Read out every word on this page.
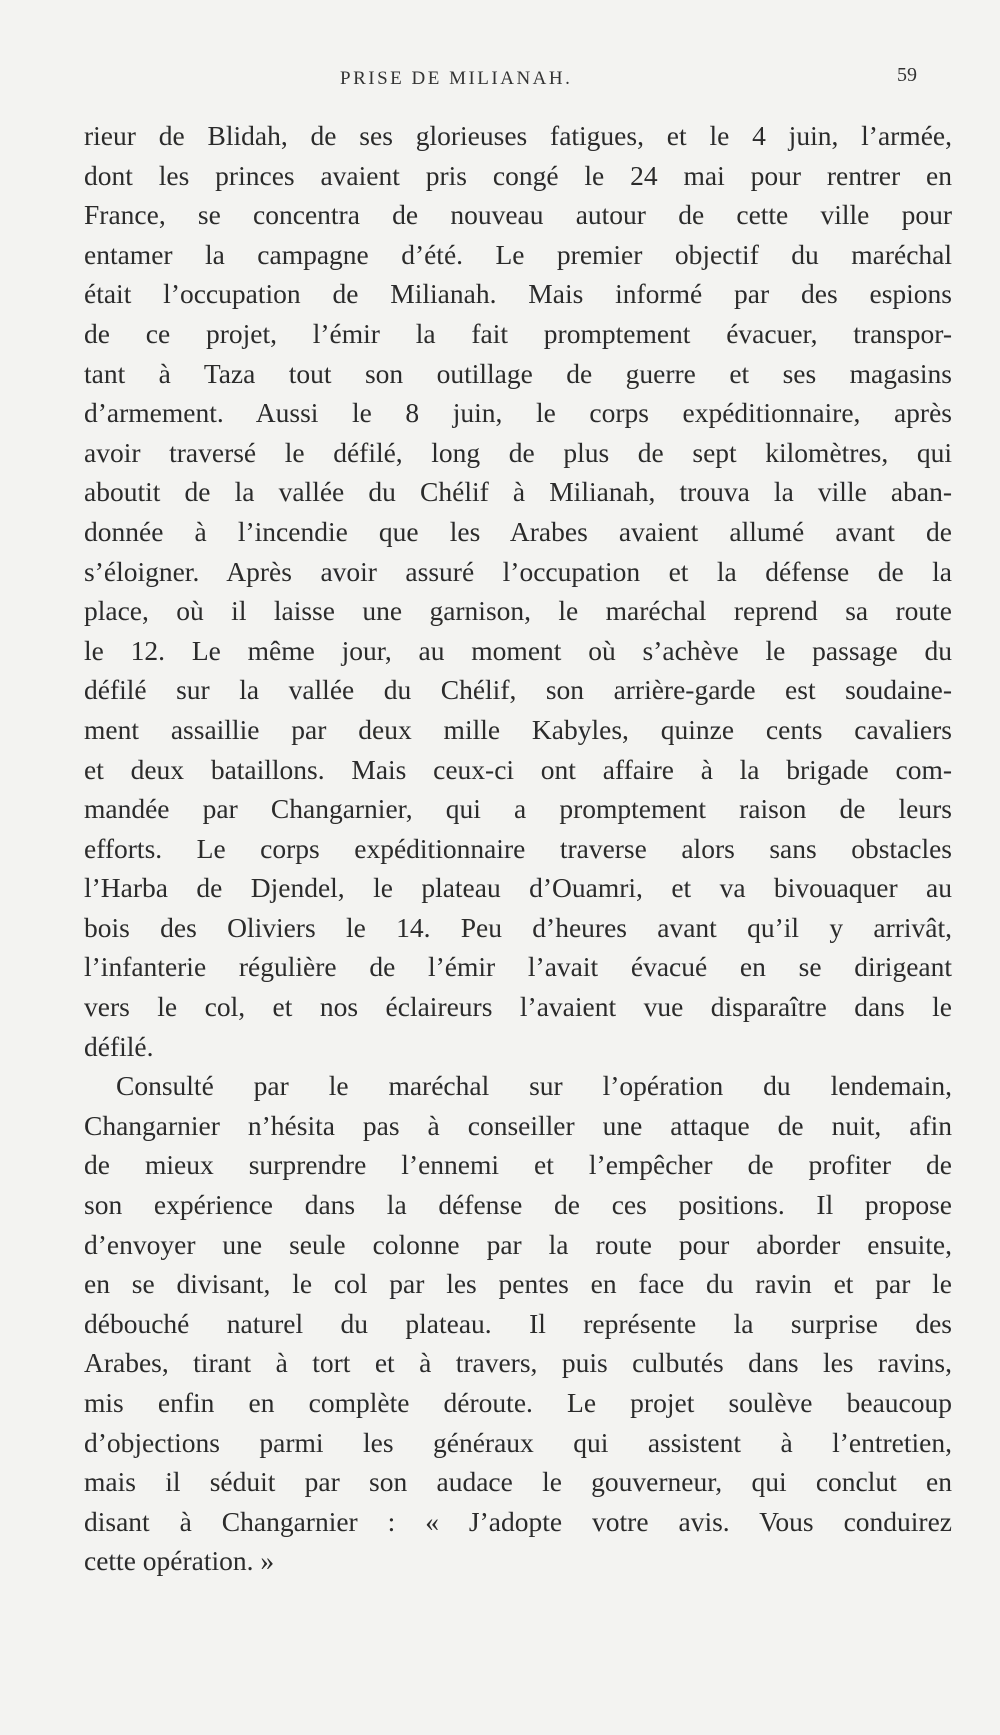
PRISE DE MILIANAH.	59
rieur de Blidah, de ses glorieuses fatigues, et le 4 juin, l’armée,
dont les princes avaient pris congé le 24 mai pour rentrer en
France, se concentra de nouveau autour de cette ville pour
entamer la campagne d’été. Le premier objectif du maréchal
était l’occupation de Milianah. Mais informé par des espions
de ce projet, l’émir la fait promptement évacuer, transpor-
tant à Taza tout son outillage de guerre et ses magasins
d’armement. Aussi le 8 juin, le corps expéditionnaire, après
avoir traversé le défilé, long de plus de sept kilomètres, qui
aboutit de la vallée du Chélif à Milianah, trouva la ville aban-
donnée à l’incendie que les Arabes avaient allumé avant de
s’éloigner. Après avoir assuré l’occupation et la défense de la
place, où il laisse une garnison, le maréchal reprend sa route
le 12. Le même jour, au moment où s’achève le passage du
défilé sur la vallée du Chélif, son arrière-garde est soudaine-
ment assaillie par deux mille Kabyles, quinze cents cavaliers
et deux bataillons. Mais ceux-ci ont affaire à la brigade com-
mandée par Changarnier, qui a promptement raison de leurs
efforts. Le corps expéditionnaire traverse alors sans obstacles
l’Harba de Djendel, le plateau d’Ouamri, et va bivouaquer au
bois des Oliviers le 14. Peu d’heures avant qu’il y arrivât,
l’infanterie régulière de l’émir l’avait évacué en se dirigeant
vers le col, et nos éclaireurs l’avaient vue disparaître dans le
défilé.
Consulté par le maréchal sur l’opération du lendemain,
Changarnier n’hésita pas à conseiller une attaque de nuit, afin
de mieux surprendre l’ennemi et l’empêcher de profiter de
son expérience dans la défense de ces positions. Il propose
d’envoyer une seule colonne par la route pour aborder ensuite,
en se divisant, le col par les pentes en face du ravin et par le
débouché naturel du plateau. Il représente la surprise des
Arabes, tirant à tort et à travers, puis culbutés dans les ravins,
mis enfin en complète déroute. Le projet soulève beaucoup
d’objections parmi les généraux qui assistent à l’entretien,
mais il séduit par son audace le gouverneur, qui conclut en
disant à Changarnier : « J’adopte votre avis. Vous conduirez
cette opération. »
